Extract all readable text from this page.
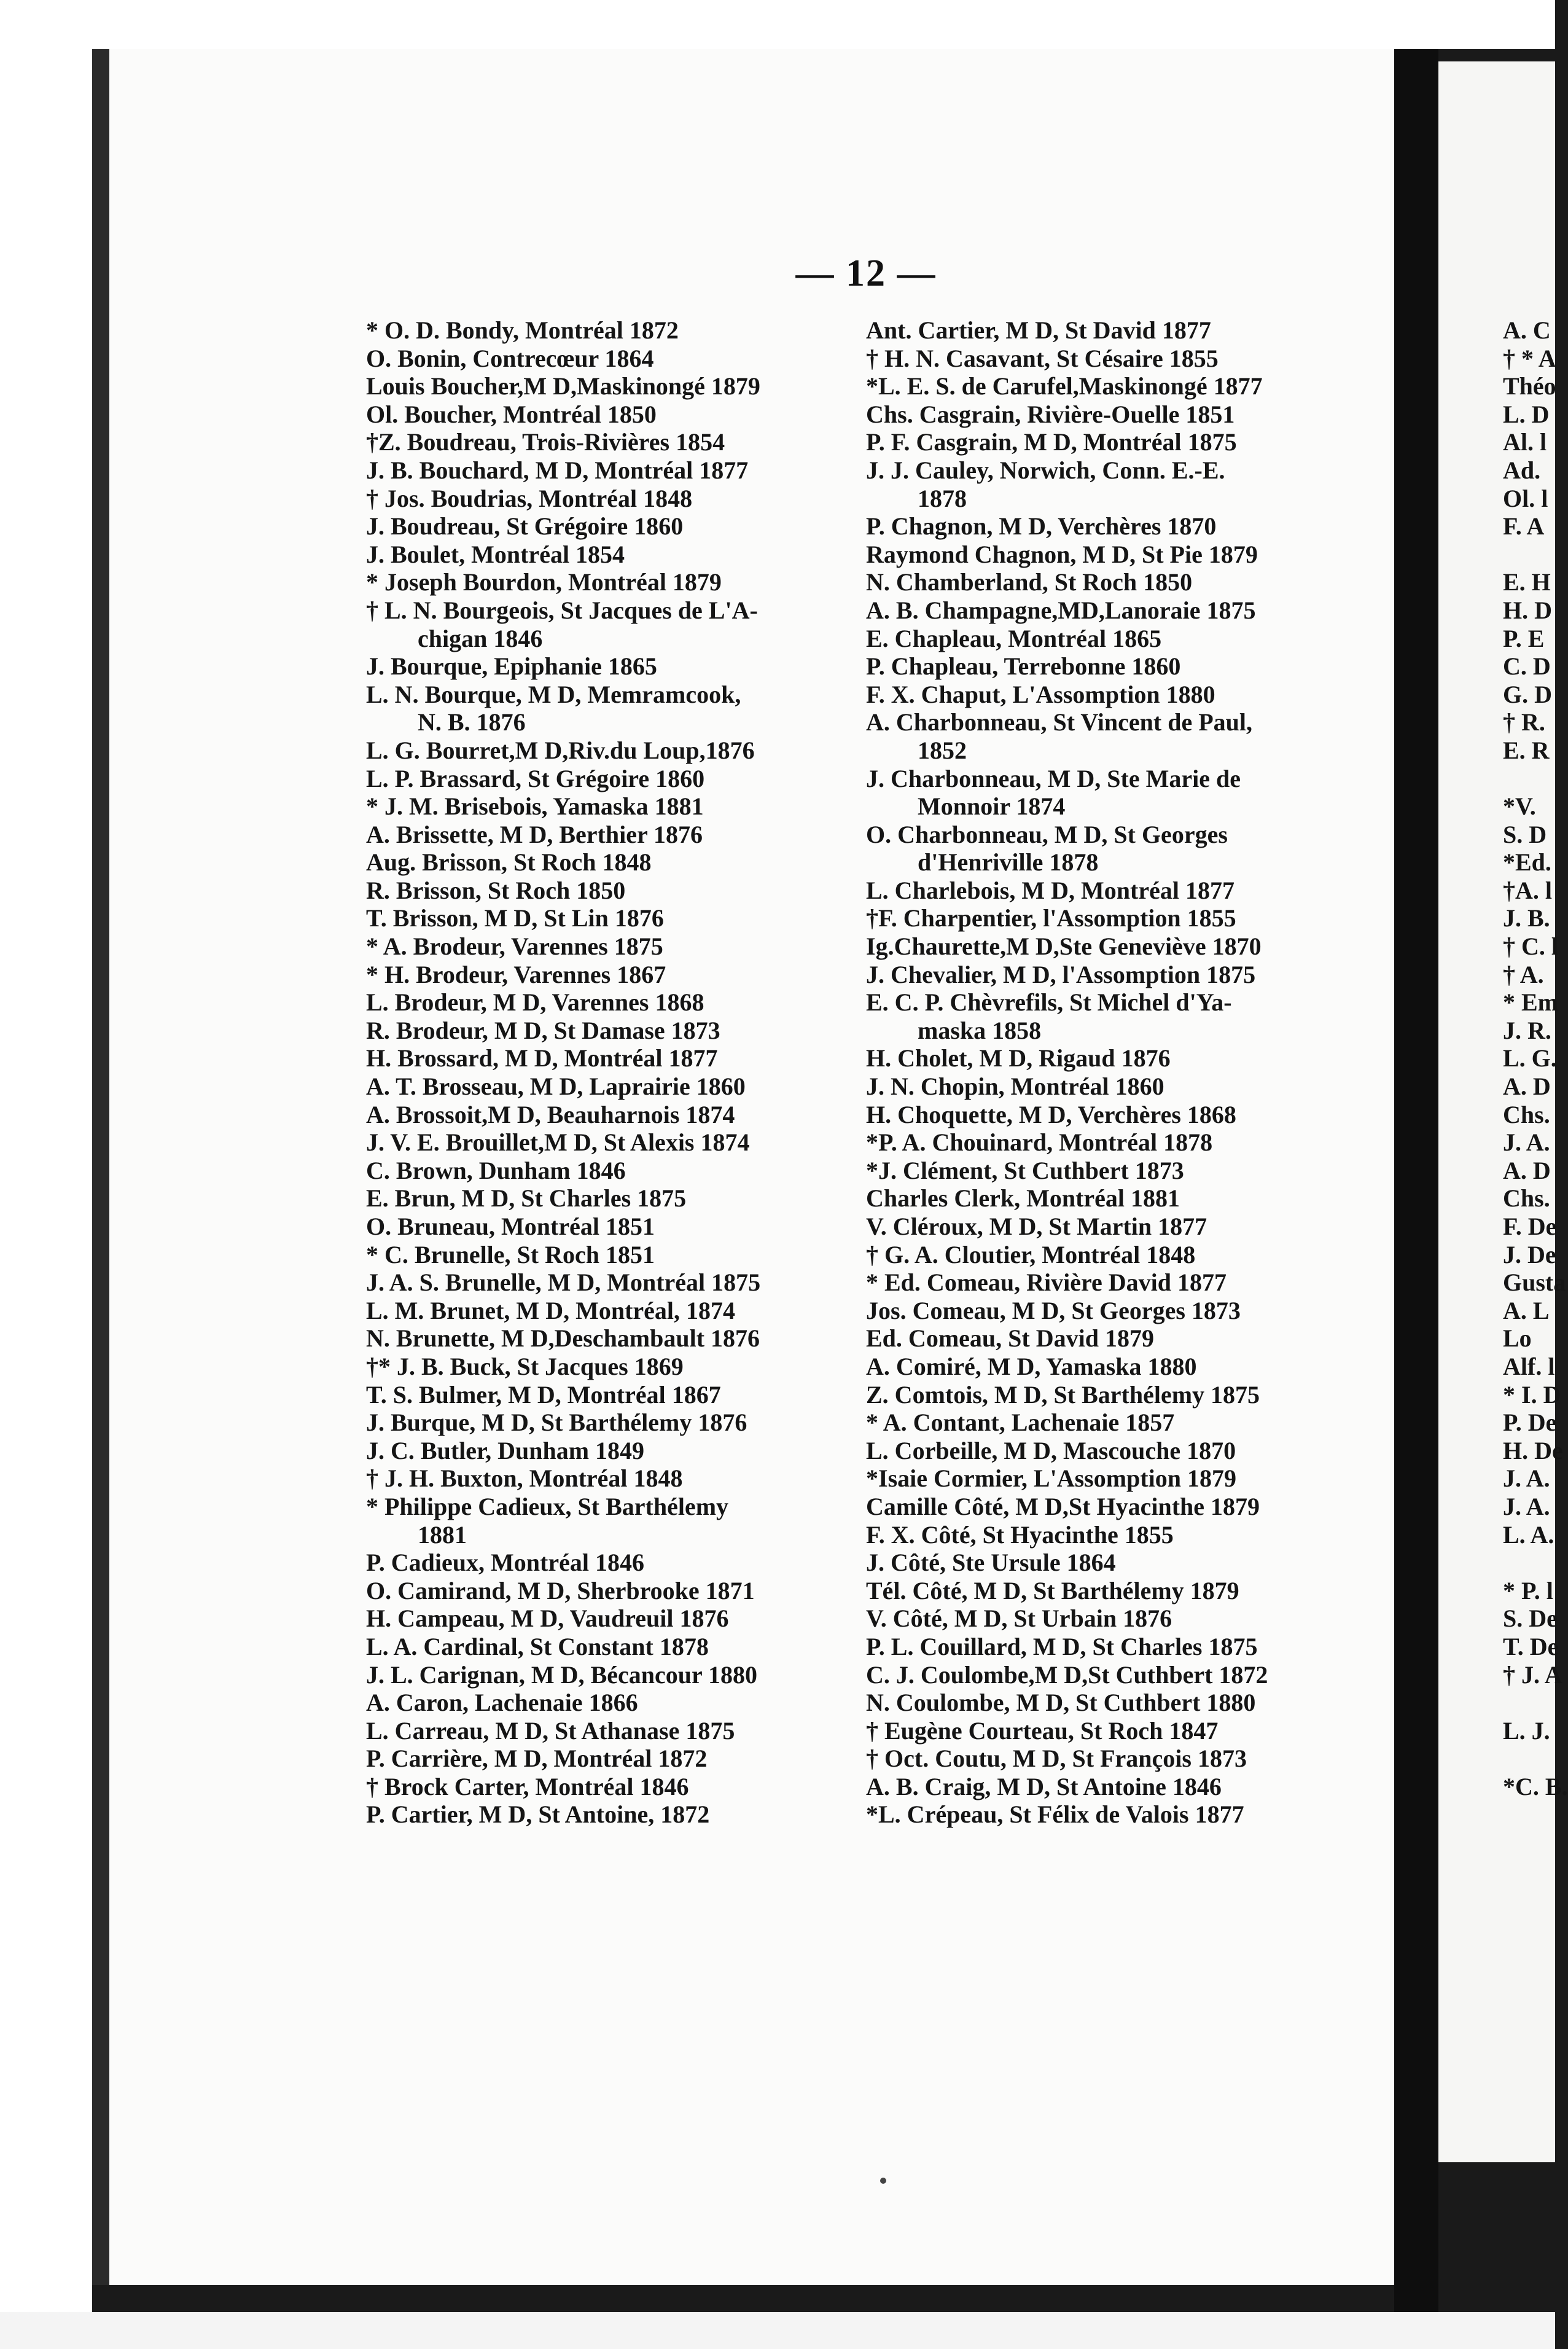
— 12 —
* O. D. Bondy, Montréal 1872
O. Bonin, Contrecœur 1864
Louis Boucher,M D,Maskinongé 1879
Ol. Boucher, Montréal 1850
†Z. Boudreau, Trois-Rivières 1854
J. B. Bouchard, M D, Montréal 1877
† Jos. Boudrias, Montréal 1848
J. Boudreau, St Grégoire 1860
J. Boulet, Montréal 1854
* Joseph Bourdon, Montréal 1879
† L. N. Bourgeois, St Jacques de L'A-
chigan 1846
J. Bourque, Epiphanie 1865
L. N. Bourque, M D, Memramcook,
N. B. 1876
L. G. Bourret,M D,Riv.du Loup,1876
L. P. Brassard, St Grégoire 1860
* J. M. Brisebois, Yamaska 1881
A. Brissette, M D, Berthier 1876
Aug. Brisson, St Roch 1848
R. Brisson, St Roch 1850
T. Brisson, M D, St Lin 1876
* A. Brodeur, Varennes 1875
* H. Brodeur, Varennes 1867
L. Brodeur, M D, Varennes 1868
R. Brodeur, M D, St Damase 1873
H. Brossard, M D, Montréal 1877
A. T. Brosseau, M D, Laprairie 1860
A. Brossoit,M D, Beauharnois 1874
J. V. E. Brouillet,M D, St Alexis 1874
C. Brown, Dunham 1846
E. Brun, M D, St Charles 1875
O. Bruneau, Montréal 1851
* C. Brunelle, St Roch 1851
J. A. S. Brunelle, M D, Montréal 1875
L. M. Brunet, M D, Montréal, 1874
N. Brunette, M D,Deschambault 1876
†* J. B. Buck, St Jacques 1869
T. S. Bulmer, M D, Montréal 1867
J. Burque, M D, St Barthélemy 1876
J. C. Butler, Dunham 1849
† J. H. Buxton, Montréal 1848
* Philippe Cadieux, St Barthélemy
1881
P. Cadieux, Montréal 1846
O. Camirand, M D, Sherbrooke 1871
H. Campeau, M D, Vaudreuil 1876
L. A. Cardinal, St Constant 1878
J. L. Carignan, M D, Bécancour 1880
A. Caron, Lachenaie 1866
L. Carreau, M D, St Athanase 1875
P. Carrière, M D, Montréal 1872
† Brock Carter, Montréal 1846
P. Cartier, M D, St Antoine, 1872
Ant. Cartier, M D, St David 1877
† H. N. Casavant, St Césaire 1855
*L. E. S. de Carufel,Maskinongé 1877
Chs. Casgrain, Rivière-Ouelle 1851
P. F. Casgrain, M D, Montréal 1875
J. J. Cauley, Norwich, Conn. E.-E.
1878
P. Chagnon, M D, Verchères 1870
Raymond Chagnon, M D, St Pie 1879
N. Chamberland, St Roch 1850
A. B. Champagne,MD,Lanoraie 1875
E. Chapleau, Montréal 1865
P. Chapleau, Terrebonne 1860
F. X. Chaput, L'Assomption 1880
A. Charbonneau, St Vincent de Paul,
1852
J. Charbonneau, M D, Ste Marie de
Monnoir 1874
O. Charbonneau, M D, St Georges
d'Henriville 1878
L. Charlebois, M D, Montréal 1877
†F. Charpentier, l'Assomption 1855
Ig.Chaurette,M D,Ste Geneviève 1870
J. Chevalier, M D, l'Assomption 1875
E. C. P. Chèvrefils, St Michel d'Ya-
maska 1858
H. Cholet, M D, Rigaud 1876
J. N. Chopin, Montréal 1860
H. Choquette, M D, Verchères 1868
*P. A. Chouinard, Montréal 1878
*J. Clément, St Cuthbert 1873
Charles Clerk, Montréal 1881
V. Cléroux, M D, St Martin 1877
† G. A. Cloutier, Montréal 1848
* Ed. Comeau, Rivière David 1877
Jos. Comeau, M D, St Georges 1873
Ed. Comeau, St David 1879
A. Comiré, M D, Yamaska 1880
Z. Comtois, M D, St Barthélemy 1875
* A. Contant, Lachenaie 1857
L. Corbeille, M D, Mascouche 1870
*Isaie Cormier, L'Assomption 1879
Camille Côté, M D,St Hyacinthe 1879
F. X. Côté, St Hyacinthe 1855
J. Côté, Ste Ursule 1864
Tél. Côté, M D, St Barthélemy 1879
V. Côté, M D, St Urbain 1876
P. L. Couillard, M D, St Charles 1875
C. J. Coulombe,M D,St Cuthbert 1872
N. Coulombe, M D, St Cuthbert 1880
† Eugène Courteau, St Roch 1847
† Oct. Coutu, M D, St François 1873
A. B. Craig, M D, St Antoine 1846
*L. Crépeau, St Félix de Valois 1877
A. C
† * A
Théo
L. D
Al. l
Ad.
Ol. l
F. A
E. H
H. D
P. E
C. D
G. D
† R.
E. R
*V.
S. D
*Ed.
†A. l
J. B.
† C. l
† A.
* Em
J. R.
L. G.
A. D
Chs.
J. A.
A. D
Chs.
F. De
J. De
Gusta
A. L
Lo
Alf. l
* I. D
P. De
H. De
J. A.
J. A.
L. A.
* P. l
S. De
T. De
† J. A
L. J.
*C. B.
